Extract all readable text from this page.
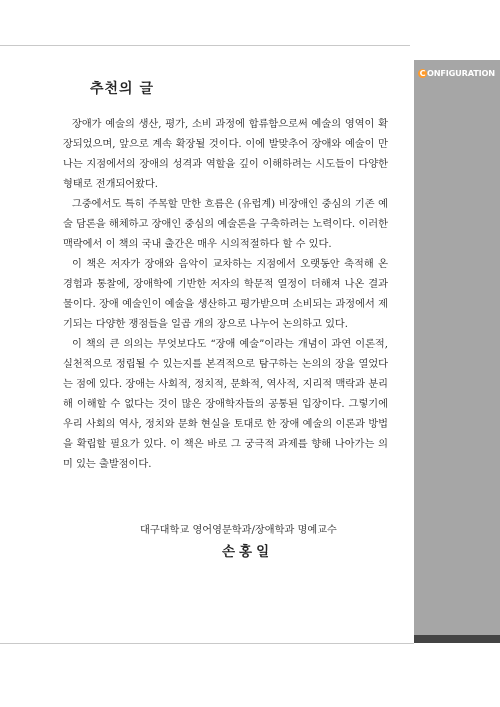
C ONFIGURATION
추천의 글

장애가 예술의 생산, 평가, 소비 과정에 합류함으로써 예술의 영역이 확장되었으며, 앞으로 계속 확장될 것이다. 이에 발맞추어 장애와 예술이 만나는 지점에서의 장애의 성격과 역할을 깊이 이해하려는 시도들이 다양한 형태로 전개되어왔다.

그중에서도 특히 주목할 만한 흐름은 (유럽계) 비장애인 중심의 기존 예술 담론을 해체하고 장애인 중심의 예술론을 구축하려는 노력이다. 이러한 맥락에서 이 책의 국내 출간은 매우 시의적절하다 할 수 있다.

이 책은 저자가 장애와 음악이 교차하는 지점에서 오랫동안 축적해 온 경험과 통찰에, 장애학에 기반한 저자의 학문적 열정이 더해져 나온 결과물이다. 장애 예술인이 예술을 생산하고 평가받으며 소비되는 과정에서 제기되는 다양한 쟁점들을 일곱 개의 장으로 나누어 논의하고 있다.

이 책의 큰 의의는 무엇보다도 “장애 예술”이라는 개념이 과연 이론적, 실천적으로 정립될 수 있는지를 본격적으로 탐구하는 논의의 장을 열었다는 점에 있다. 장애는 사회적, 정치적, 문화적, 역사적, 지리적 맥락과 분리해 이해할 수 없다는 것이 많은 장애학자들의 공통된 입장이다. 그렇기에 우리 사회의 역사, 정치와 문화 현실을 토대로 한 장애 예술의 이론과 방법을 확립할 필요가 있다. 이 책은 바로 그 궁극적 과제를 향해 나아가는 의미 있는 출발점이다.

대구대학교 영어영문학과/장애학과 명예교수
손홍일
